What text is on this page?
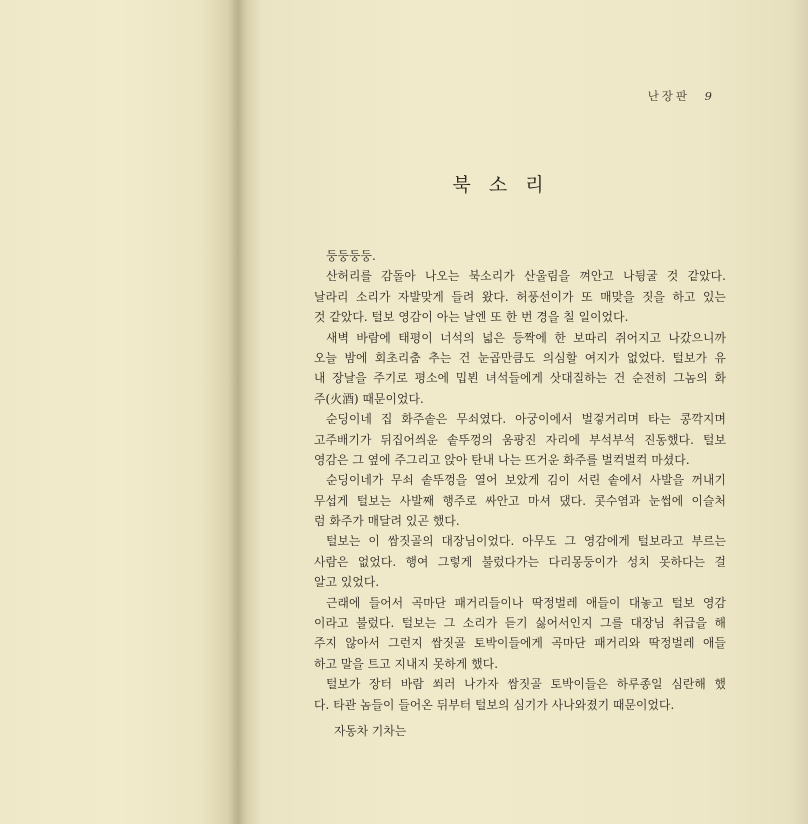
난장판 9
북 소 리
둥둥둥둥.
산허리를 감돌아 나오는 북소리가 산울림을 껴안고 나뒹굴 것 같았다.
날라리 소리가 자발맞게 들려 왔다. 허풍선이가 또 매맞을 짓을 하고 있는
것 같았다. 털보 영감이 아는 날엔 또 한 번 경을 칠 일이었다.
새벽 바람에 태평이 너석의 넓은 등짝에 한 보따리 쥐어지고 나갔으니까
오늘 밤에 회초리춤 추는 건 눈곱만큼도 의심할 여지가 없었다. 털보가 유
내 장날을 주기로 평소에 밉뵌 녀석들에게 삿대질하는 건 순전히 그놈의 화
주(火酒) 때문이었다.
순딩이네 집 화주솥은 무쇠였다. 아궁이에서 벌겋거리며 타는 콩깍지며
고주배기가 뒤집어씌운 솥뚜껑의 움팡진 자리에 부석부석 진동했다. 털보
영감은 그 옆에 주그리고 앉아 탄내 나는 뜨거운 화주를 벌컥벌컥 마셨다.
순딩이네가 무쇠 솥뚜껑을 열어 보았게 김이 서린 솥에서 사발을 꺼내기
무섭게 털보는 사발째 행주로 싸안고 마셔 댔다. 콧수염과 눈썹에 이슬처
럼 화주가 매달려 있곤 했다.
털보는 이 쌈짓골의 대장님이었다. 아무도 그 영감에게 털보라고 부르는
사람은 없었다. 행여 그렇게 불렀다가는 다리몽둥이가 성치 못하다는 걸
알고 있었다.
근래에 들어서 곡마단 패거리들이나 딱정벌레 애들이 대놓고 털보 영감
이라고 불렀다. 털보는 그 소리가 듣기 싫어서인지 그를 대장님 취급을 해
주지 않아서 그런지 쌈짓골 토박이들에게 곡마단 패거리와 딱정벌레 애들
하고 말을 트고 지내지 못하게 했다.
털보가 장터 바람 쐬러 나가자 쌈짓골 토박이들은 하루종일 심란해 했
다. 타관 놈들이 들어온 뒤부터 털보의 심기가 사나와졌기 때문이었다.
자동차 기차는
